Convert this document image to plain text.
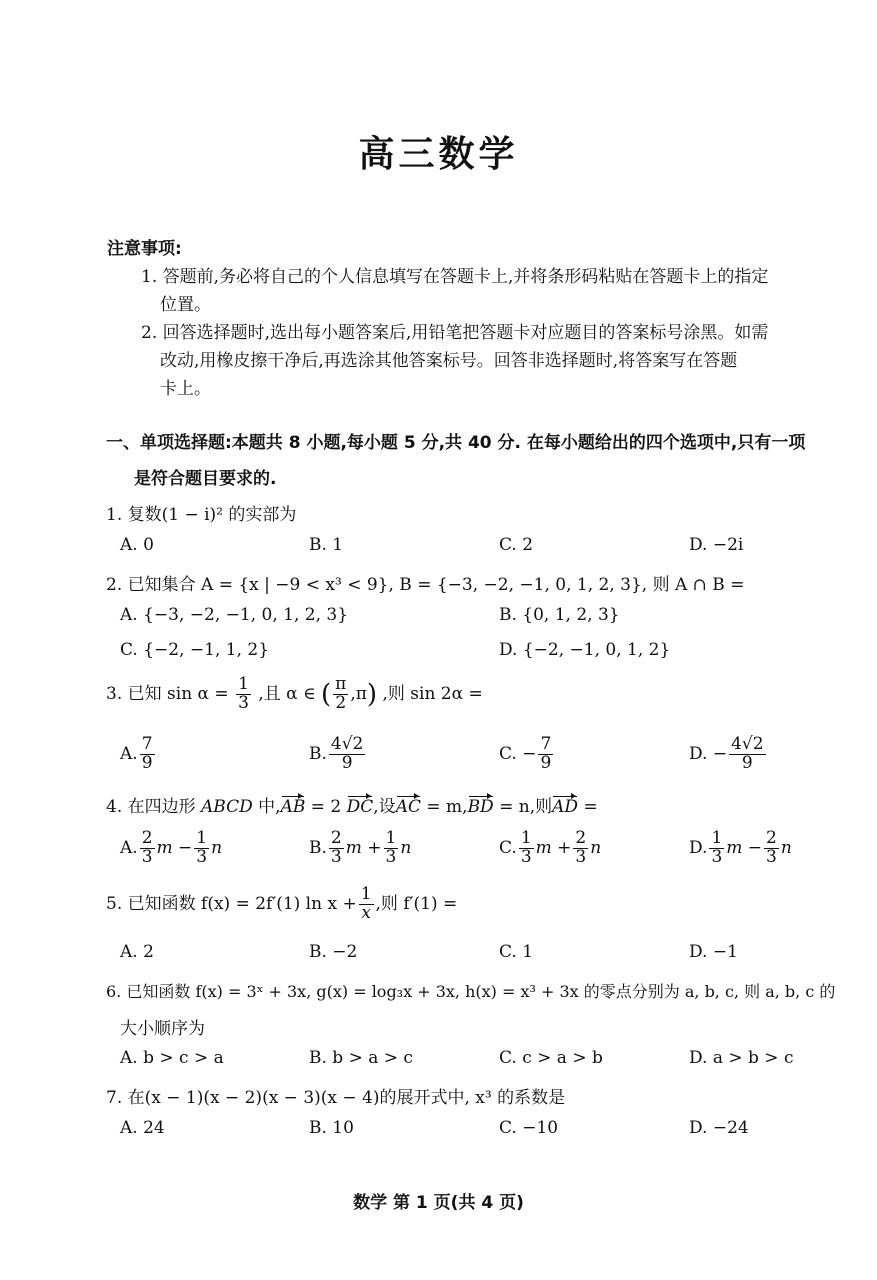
高三数学
注意事项:
1. 答题前,务必将自己的个人信息填写在答题卡上,并将条形码粘贴在答题卡上的指定
位置。
2. 回答选择题时,选出每小题答案后,用铅笔把答题卡对应题目的答案标号涂黑。如需
改动,用橡皮擦干净后,再选涂其他答案标号。回答非选择题时,将答案写在答题
卡上。
一、单项选择题:本题共 8 小题,每小题 5 分,共 40 分. 在每小题给出的四个选项中,只有一项
是符合题目要求的.
1. 复数(1 − i)² 的实部为
A. 0	B. 1	C. 2	D. −2i
2. 已知集合 A = {x | −9 < x³ < 9}, B = {−3, −2, −1, 0, 1, 2, 3}, 则 A ∩ B =
A. {−3, −2, −1, 0, 1, 2, 3}	B. {0, 1, 2, 3}
C. {−2, −1, 1, 2}	D. {−2, −1, 0, 1, 2}
3. 已知 $\sin \alpha = \frac{1}{3}$ ,且 α ∈ ( $\frac{\pi}{2} ,\pi$) ,则 sin 2α =
A. $\frac{7}{9}$	B. $\frac{4√2}{9}$	C. − $\frac{7}{9}$	D. − $\frac{4√2}{9}$
4. 在四边形 ABCD 中,AB = 2 DC,设AC = m,BD = n,则AD =
A. $\frac{2}{3}$ $m - \frac{1}{3}$ n	B. $\frac{2}{3}$ $m + \frac{1}{3}$ n	C. $\frac{1}{3}$ $m + \frac{2}{3}$ n	D. $\frac{1}{3}$ $m - \frac{2}{3}$ n
5. 已知函数 f(x) = 2f′(1) $\ln x + \frac{1}{x}$ ,则 f′(1) =
A. 2	B. −2	C. 1	D. −1
6. 已知函数 f(x) = 3ˣ + 3x, g(x) = log₃x + 3x, h(x) = x³ + 3x 的零点分别为 a, b, c, 则 a, b, c 的
大小顺序为
A. b > c > a	B. b > a > c	C. c > a > b	D. a > b > c
7. 在(x − 1)(x − 2)(x − 3)(x − 4)的展开式中, x³ 的系数是
A. 24	B. 10	C. −10	D. −24
数学 第 1 页(共 4 页)
